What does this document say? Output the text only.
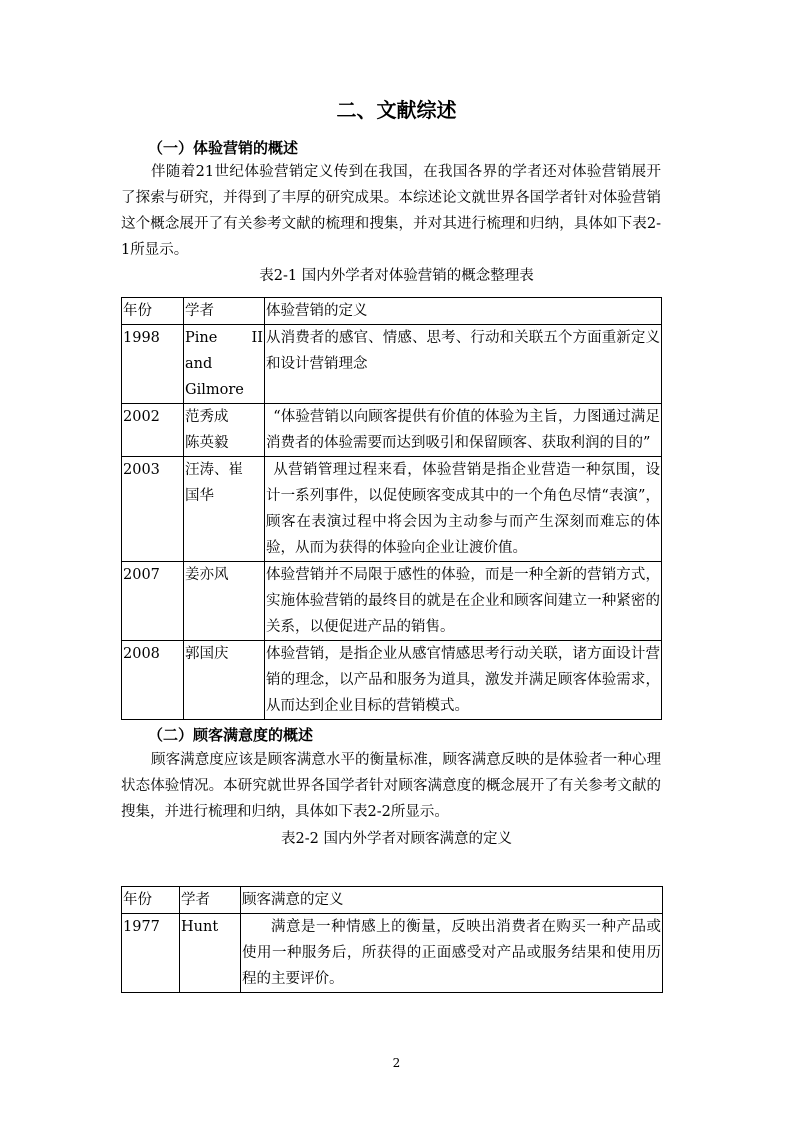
二、文献综述
（一）体验营销的概述
伴随着21世纪体验营销定义传到在我国，在我国各界的学者还对体验营销展开了探索与研究，并得到了丰厚的研究成果。本综述论文就世界各国学者针对体验营销这个概念展开了有关参考文献的梳理和搜集，并对其进行梳理和归纳，具体如下表2-1所显示。
表2-1 国内外学者对体验营销的概念整理表
年份	学者	体验营销的定义
1998	Pine II and Gilmore	从消费者的感官、情感、思考、行动和关联五个方面重新定义和设计营销理念
2002	范秀成 陈英毅	“体验营销以向顾客提供有价值的体验为主旨，力图通过满足消费者的体验需要而达到吸引和保留顾客、获取利润的目的”
2003	汪涛、崔国华	从营销管理过程来看，体验营销是指企业营造一种氛围，设计一系列事件，以促使顾客变成其中的一个角色尽情“表演”，顾客在表演过程中将会因为主动参与而产生深刻而难忘的体验，从而为获得的体验向企业让渡价值。
2007	姜亦风	体验营销并不局限于感性的体验，而是一种全新的营销方式，实施体验营销的最终目的就是在企业和顾客间建立一种紧密的关系，以便促进产品的销售。
2008	郭国庆	体验营销，是指企业从感官情感思考行动关联，诸方面设计营销的理念，以产品和服务为道具，激发并满足顾客体验需求，从而达到企业目标的营销模式。
（二）顾客满意度的概述
顾客满意度应该是顾客满意水平的衡量标准，顾客满意反映的是体验者一种心理状态体验情况。本研究就世界各国学者针对顾客满意度的概念展开了有关参考文献的搜集，并进行梳理和归纳，具体如下表2-2所显示。
表2-2 国内外学者对顾客满意的定义
年份	学者	顾客满意的定义
1977	Hunt	满意是一种情感上的衡量，反映出消费者在购买一种产品或使用一种服务后，所获得的正面感受对产品或服务结果和使用历程的主要评价。
2
